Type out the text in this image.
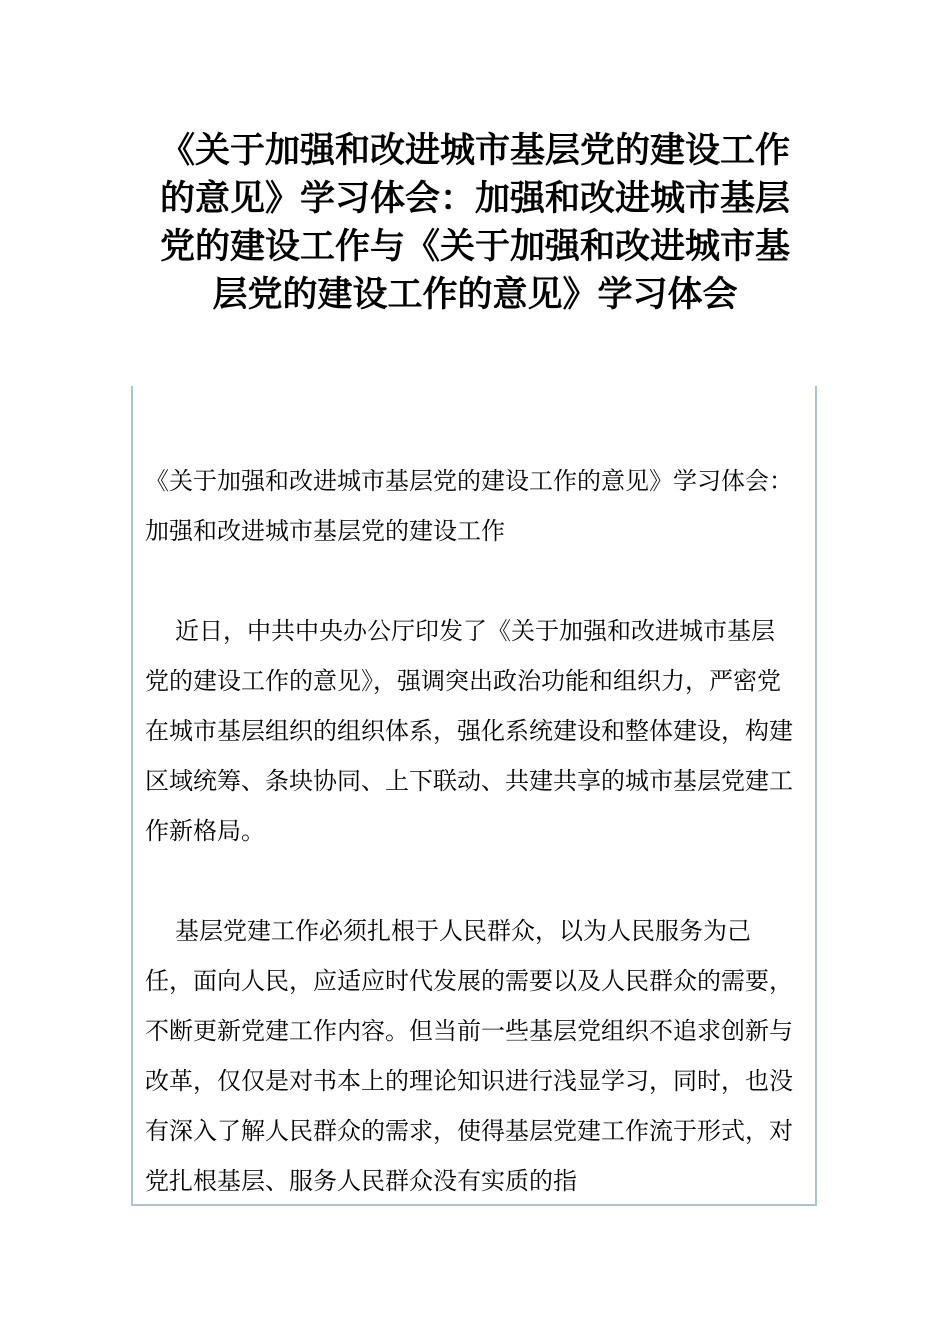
《关于加强和改进城市基层党的建设工作的意见》学习体会：加强和改进城市基层党的建设工作与《关于加强和改进城市基层党的建设工作的意见》学习体会

《关于加强和改进城市基层党的建设工作的意见》学习体会：加强和改进城市基层党的建设工作

近日，中共中央办公厅印发了《关于加强和改进城市基层党的建设工作的意见》，强调突出政治功能和组织力，严密党在城市基层组织的组织体系，强化系统建设和整体建设，构建区域统筹、条块协同、上下联动、共建共享的城市基层党建工作新格局。

基层党建工作必须扎根于人民群众，以为人民服务为己任，面向人民，应适应时代发展的需要以及人民群众的需要，不断更新党建工作内容。但当前一些基层党组织不追求创新与改革，仅仅是对书本上的理论知识进行浅显学习，同时，也没有深入了解人民群众的需求，使得基层党建工作流于形式，对党扎根基层、服务人民群众没有实质的指
